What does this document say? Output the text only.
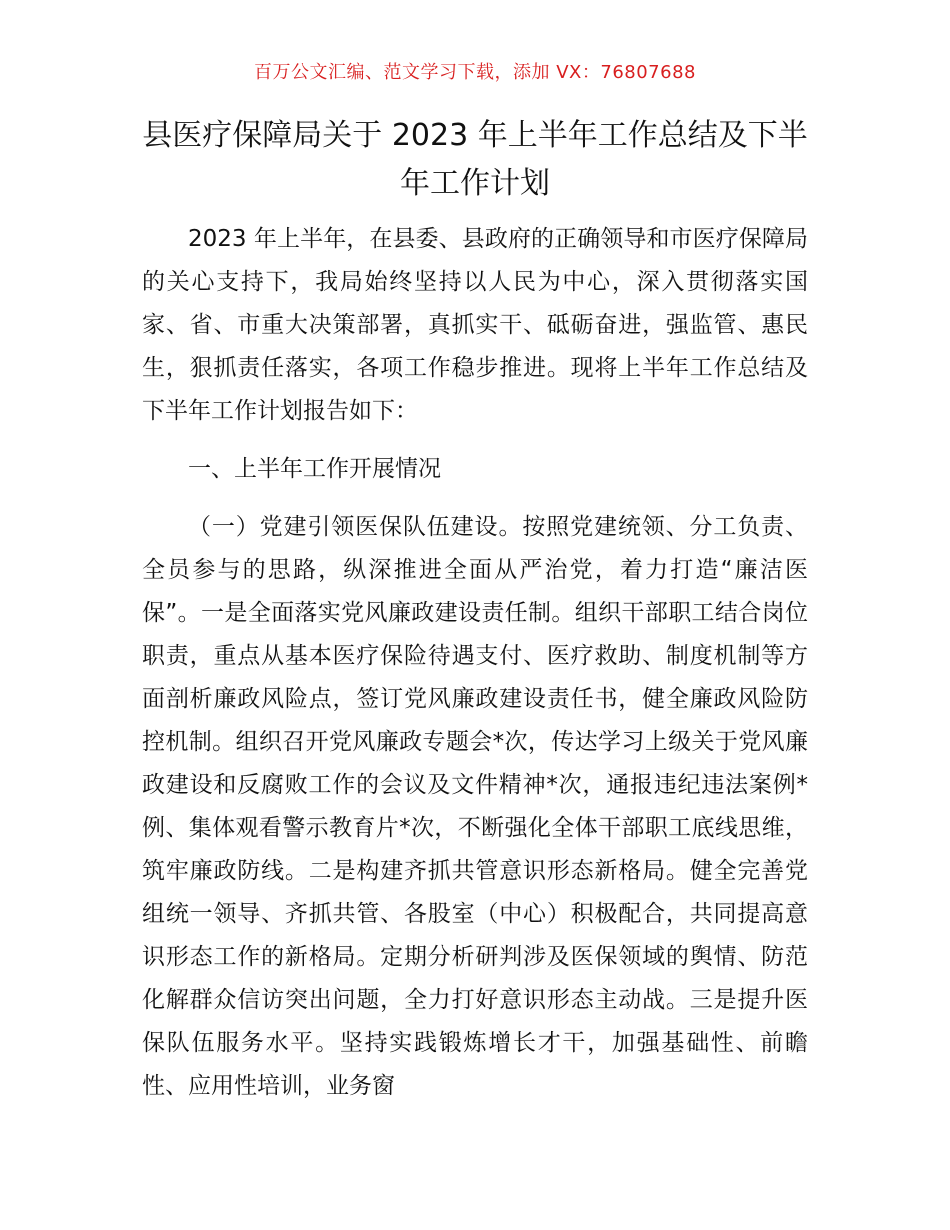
百万公文汇编、范文学习下载，添加 VX：76807688
县医疗保障局关于 2023 年上半年工作总结及下半年工作计划

2023 年上半年，在县委、县政府的正确领导和市医疗保障局的关心支持下，我局始终坚持以人民为中心，深入贯彻落实国家、省、市重大决策部署，真抓实干、砥砺奋进，强监管、惠民生，狠抓责任落实，各项工作稳步推进。现将上半年工作总结及下半年工作计划报告如下：

一、上半年工作开展情况

（一）党建引领医保队伍建设。按照党建统领、分工负责、全员参与的思路，纵深推进全面从严治党，着力打造“廉洁医保”。一是全面落实党风廉政建设责任制。组织干部职工结合岗位职责，重点从基本医疗保险待遇支付、医疗救助、制度机制等方面剖析廉政风险点，签订党风廉政建设责任书，健全廉政风险防控机制。组织召开党风廉政专题会*次，传达学习上级关于党风廉政建设和反腐败工作的会议及文件精神*次，通报违纪违法案例*例、集体观看警示教育片*次，不断强化全体干部职工底线思维，筑牢廉政防线。二是构建齐抓共管意识形态新格局。健全完善党组统一领导、齐抓共管、各股室（中心）积极配合，共同提高意识形态工作的新格局。定期分析研判涉及医保领域的舆情、防范化解群众信访突出问题，全力打好意识形态主动战。三是提升医保队伍服务水平。坚持实践锻炼增长才干，加强基础性、前瞻性、应用性培训，业务窗
